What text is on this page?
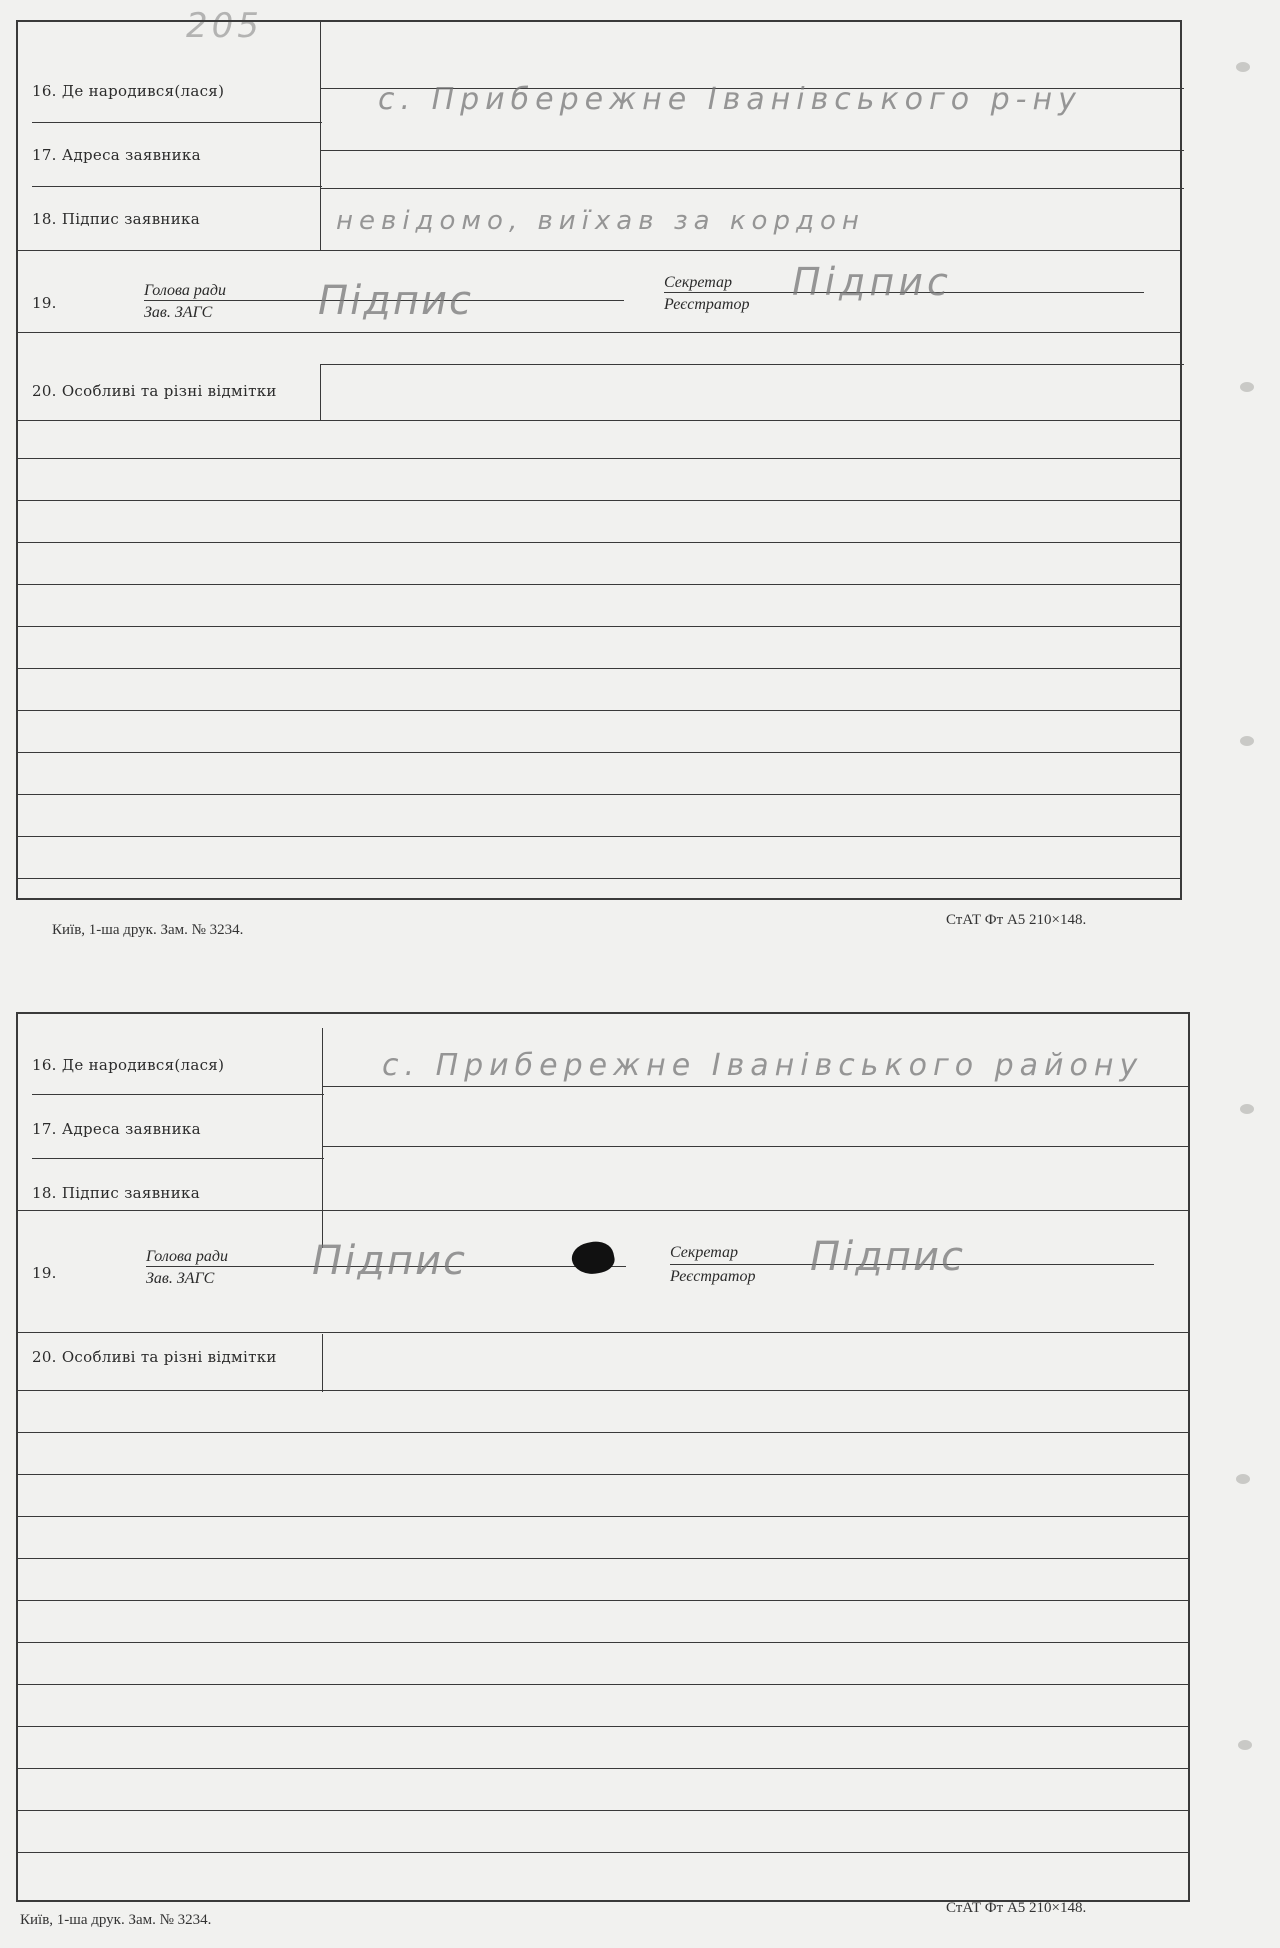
205
16. Де народився(лася)
17. Адреса заявника
18. Підпис заявника
19.
Голова ради
Зав. ЗАГС
Секретар
Реєстратор
20. Особливі та різні відмітки
с. Прибережне Іванівського р-ну
невідомо, виїхав за кордон
Підпис	Підпис
Київ, 1-ша друк. Зам. № 3234.
СтАТ Фт А5 210×148.
16. Де народився(лася)
17. Адреса заявника
18. Підпис заявника
19.
Голова ради
Зав. ЗАГС
Секретар
Реєстратор
20. Особливі та різні відмітки
с. Прибережне Іванівського району
Підпис	Підпис
Київ, 1-ша друк. Зам. № 3234.
СтАТ Фт А5 210×148.
